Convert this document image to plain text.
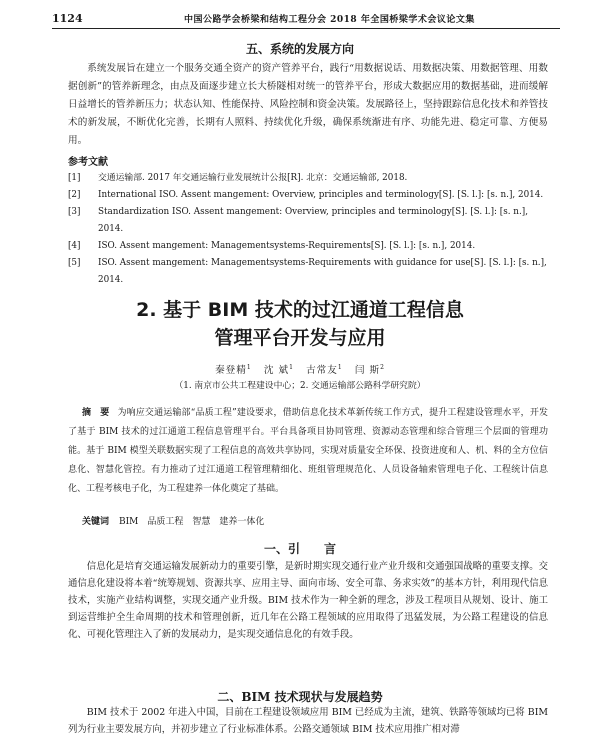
1124	中国公路学会桥梁和结构工程分会 2018 年全国桥梁学术会议论文集
五、系统的发展方向
系统发展旨在建立一个服务交通全资产的资产管养平台，践行“用数据说话、用数据决策、用数据管理、用数据创新”的管养新理念，由点及面逐步建立长大桥隧相对统一的管养平台，形成大数据应用的数据基础，进而缓解日益增长的管养新压力；状态认知、性能保持、风险控制和资金决策。发展路径上，坚持跟踪信息化技术和养管技术的新发展，不断优化完善，长期有人照料、持续优化升级，确保系统渐进有序、功能先进、稳定可靠、方便易用。
参考文献
[1]	交通运输部. 2017 年交通运输行业发展统计公报[R]. 北京：交通运输部, 2018.
[2]	International ISO. Assent mangement: Overview, principles and terminology[S]. [S. l.]: [s. n.], 2014.
[3]	Standardization ISO. Assent mangement: Overview, principles and terminology[S]. [S. l.]: [s. n.], 2014.
[4]	ISO. Assent mangement: Managementsystems-Requirements[S]. [S. l.]: [s. n.], 2014.
[5]	ISO. Assent mangement: Managementsystems-Requirements with guidance for use[S]. [S. l.]: [s. n.], 2014.
2. 基于 BIM 技术的过江通道工程信息
管理平台开发与应用
秦登精$^1$ 沈 斌$^1$ 古常友$^1$ 闫 斯$^2$
（1. 南京市公共工程建设中心；2. 交通运输部公路科学研究院）
摘　要 为响应交通运输部“品质工程”建设要求，借助信息化技术革新传统工作方式，提升工程建设管理水平，开发了基于 BIM 技术的过江通道工程信息管理平台。平台具备项目协同管理、资源动态管理和综合管理三个层面的管理功能。基于 BIM 模型关联数据实现了工程信息的高效共享协同，实现对质量安全环保、投资进度和人、机、料的全方位信息化、智慧化管控。有力推动了过江通道工程管理精细化、班组管理规范化、人员设备轴索管理电子化、工程统计信息化、工程考核电子化，为工程建养一体化奠定了基础。
关键词 BIM　品质工程　智慧　建养一体化
一、引　　言
信息化是培育交通运输发展新动力的重要引擎，是新时期实现交通行业产业升级和交通强国战略的重要支撑。交通信息化建设将本着“统筹规划、资源共享、应用主导、面向市场、安全可靠、务求实效”的基本方针，利用现代信息技术，实施产业结构调整，实现交通产业升级。BIM 技术作为一种全新的理念，涉及工程项目从规划、设计、施工到运营维护全生命周期的技术和管理创新，近几年在公路工程领域的应用取得了迅猛发展，为公路工程建设的信息化、可视化管理注入了新的发展动力，是实现交通信息化的有效手段。
二、BIM 技术现状与发展趋势
BIM 技术于 2002 年进入中国，目前在工程建设领域应用 BIM 已经成为主流，建筑、铁路等领域均已将 BIM 列为行业主要发展方向，并初步建立了行业标准体系。公路交通领域 BIM 技术应用推广相对滞
